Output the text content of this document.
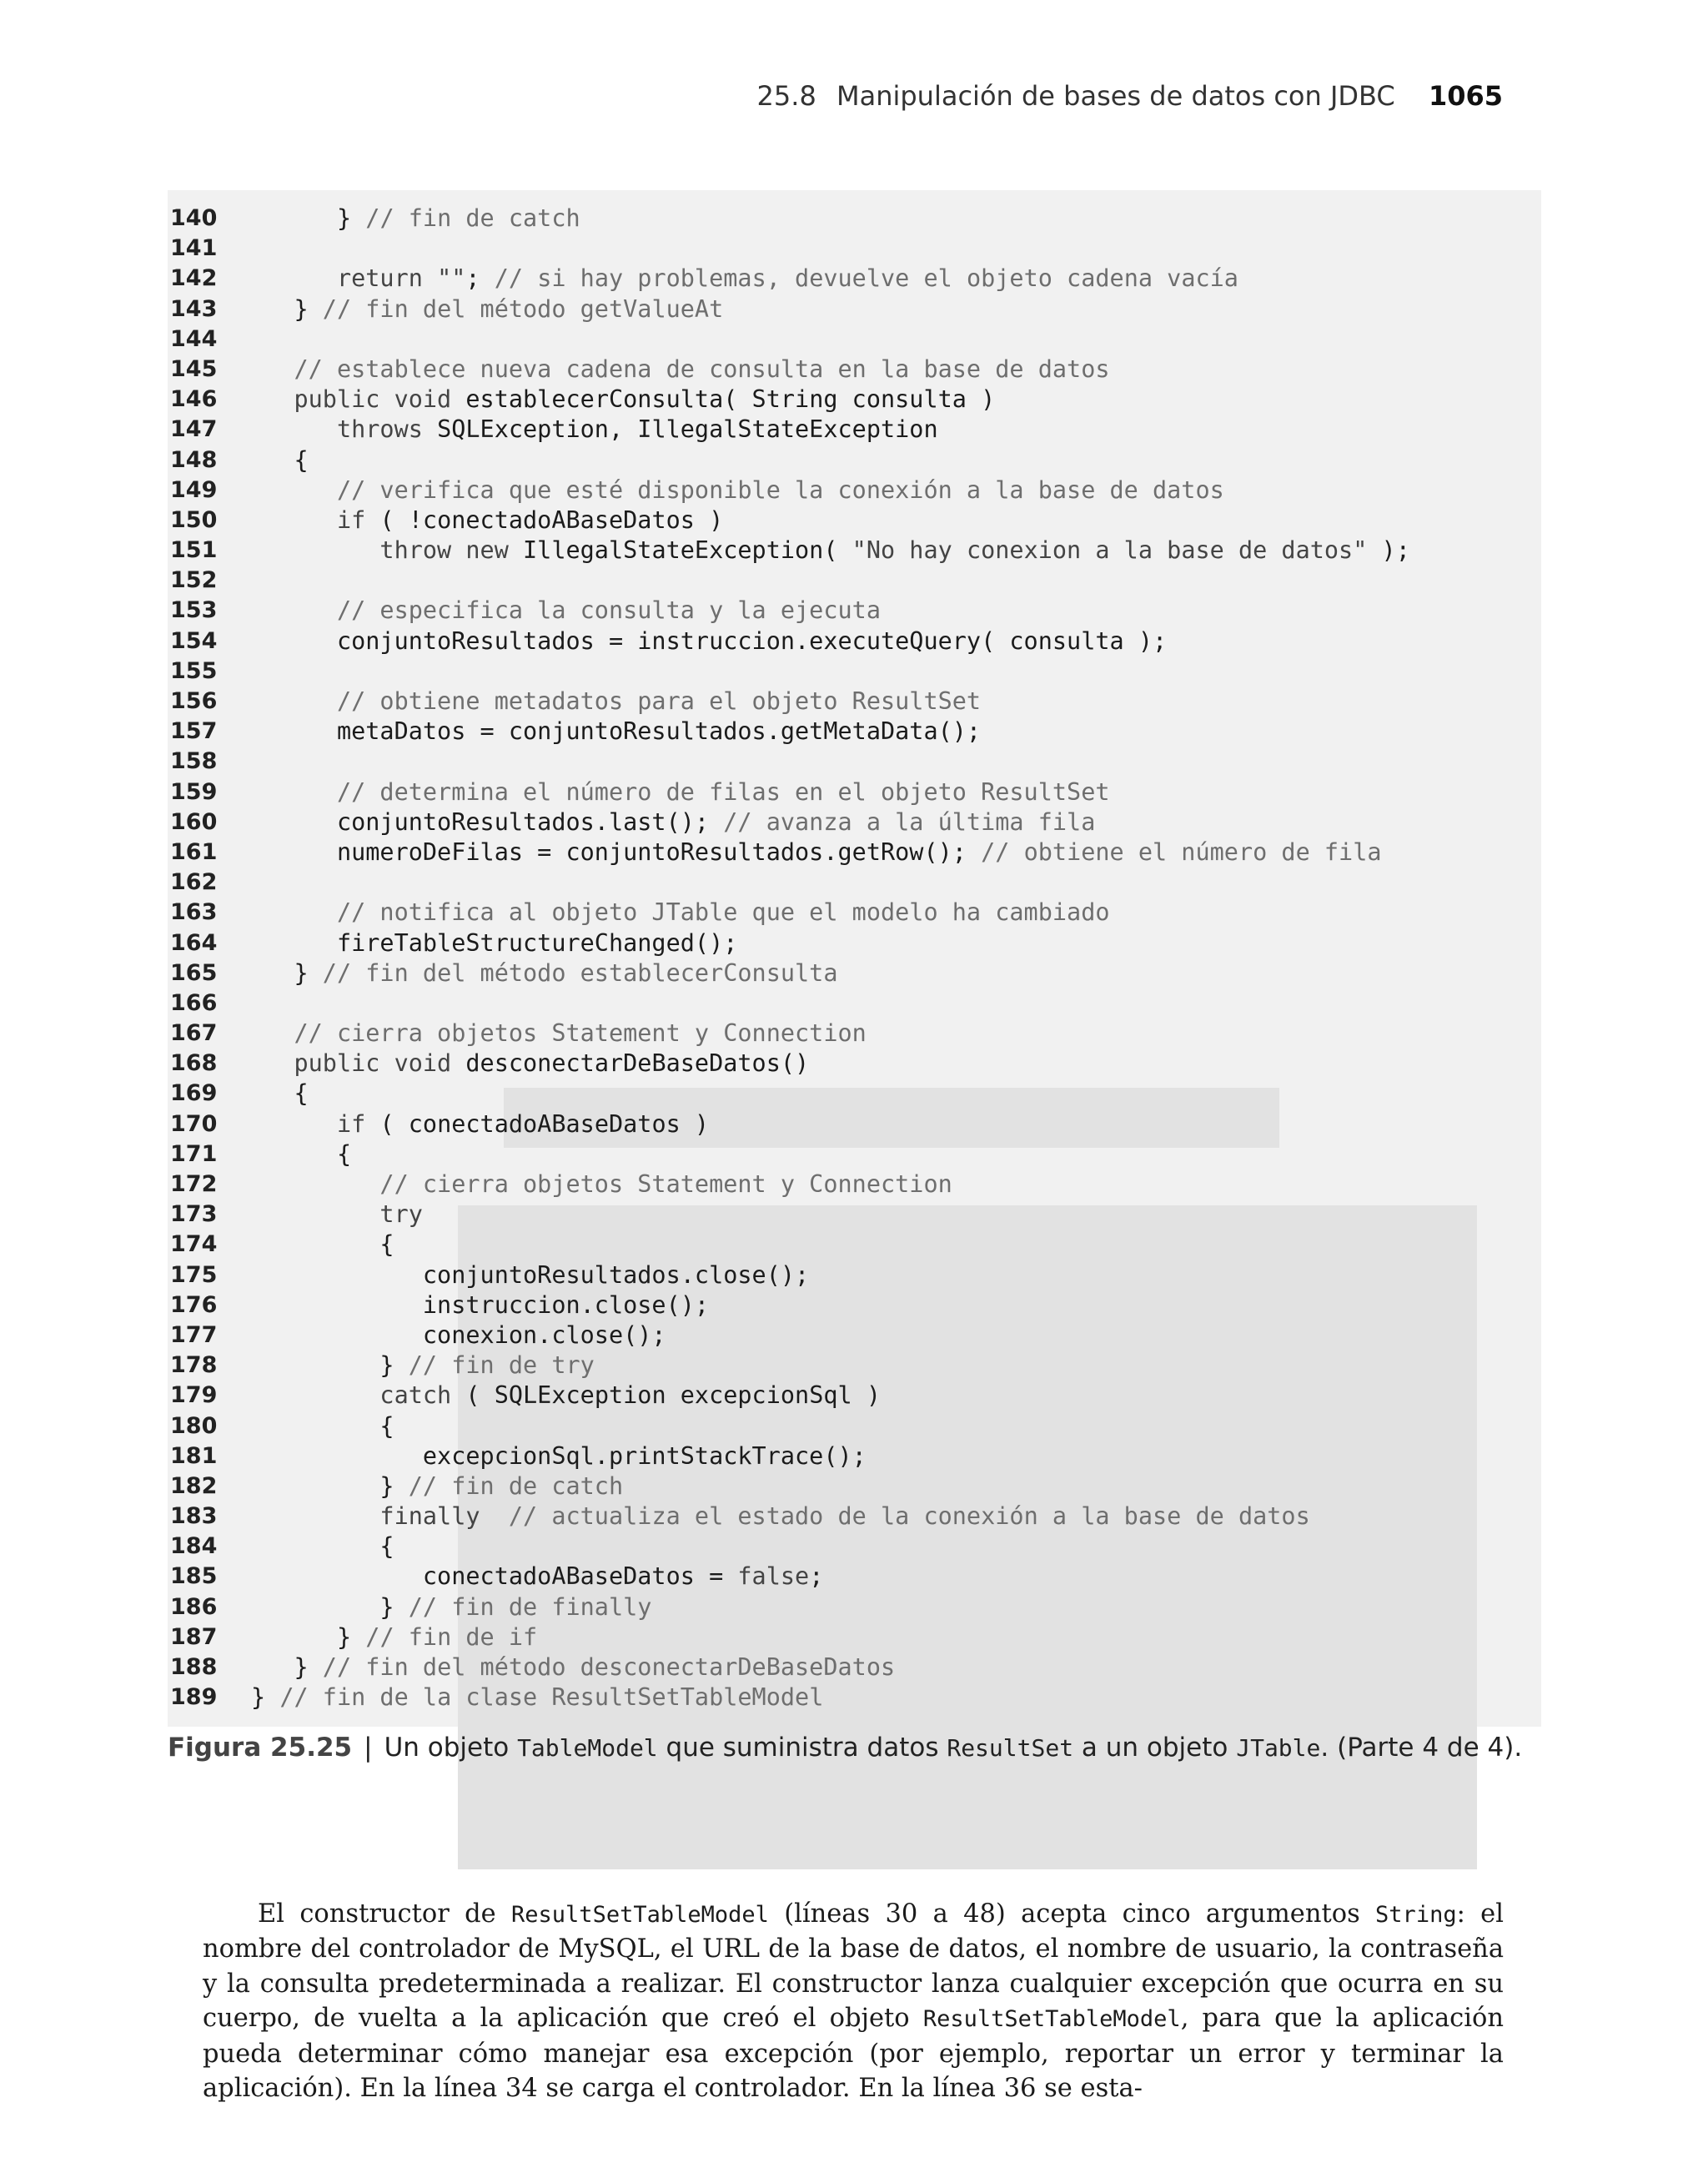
25.8 Manipulación de bases de datos con JDBC 1065
140 } // fin de catch
141
142 return ""; // si hay problemas, devuelve el objeto cadena vacía
143 } // fin del método getValueAt
144
145 // establece nueva cadena de consulta en la base de datos
146 public void establecerConsulta( String consulta )
147 throws SQLException, IllegalStateException
148 {
149 // verifica que esté disponible la conexión a la base de datos
150 if ( !conectadoABaseDatos )
151 throw new IllegalStateException( "No hay conexion a la base de datos" );
152
153 // especifica la consulta y la ejecuta
154 conjuntoResultados = instruccion.executeQuery( consulta );
155
156 // obtiene metadatos para el objeto ResultSet
157 metaDatos = conjuntoResultados.getMetaData();
158
159 // determina el número de filas en el objeto ResultSet
160 conjuntoResultados.last(); // avanza a la última fila
161 numeroDeFilas = conjuntoResultados.getRow(); // obtiene el número de fila
162
163 // notifica al objeto JTable que el modelo ha cambiado
164 fireTableStructureChanged();
165 } // fin del método establecerConsulta
166
167 // cierra objetos Statement y Connection
168 public void desconectarDeBaseDatos()
169 {
170 if ( conectadoABaseDatos )
171 {
172 // cierra objetos Statement y Connection
173 try
174 {
175 conjuntoResultados.close();
176 instruccion.close();
177 conexion.close();
178 } // fin de try
179 catch ( SQLException excepcionSql )
180 {
181 excepcionSql.printStackTrace();
182 } // fin de catch
183 finally  // actualiza el estado de la conexión a la base de datos
184 {
185 conectadoABaseDatos = false;
186 } // fin de finally
187 } // fin de if
188 } // fin del método desconectarDeBaseDatos
189 } // fin de la clase ResultSetTableModel
Figura 25.25 | Un objeto TableModel que suministra datos ResultSet a un objeto JTable. (Parte 4 de 4).

El constructor de ResultSetTableModel (líneas 30 a 48) acepta cinco argumentos String: el nombre del controlador de MySQL, el URL de la base de datos, el nombre de usuario, la contraseña y la consulta predeterminada a realizar. El constructor lanza cualquier excepción que ocurra en su cuerpo, de vuelta a la aplicación que creó el objeto ResultSetTableModel, para que la aplicación pueda determinar cómo manejar esa excepción (por ejemplo, reportar un error y terminar la aplicación). En la línea 34 se carga el controlador. En la línea 36 se esta-
